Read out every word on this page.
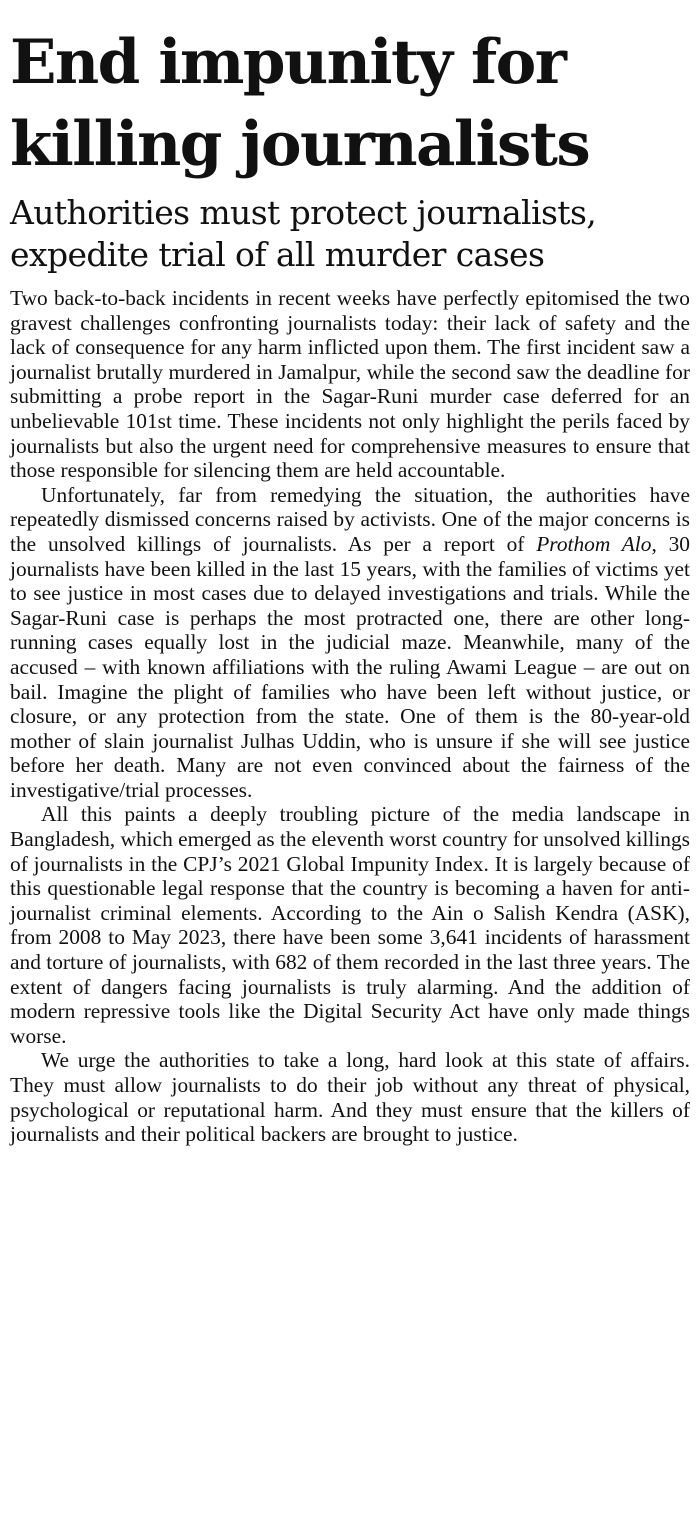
End impunity for killing journalists
Authorities must protect journalists, expedite trial of all murder cases

Two back-to-back incidents in recent weeks have perfectly epitomised the two gravest challenges confronting journalists today: their lack of safety and the lack of consequence for any harm inflicted upon them. The first incident saw a journalist brutally murdered in Jamalpur, while the second saw the deadline for submitting a probe report in the Sagar-Runi murder case deferred for an unbelievable 101st time. These incidents not only highlight the perils faced by journalists but also the urgent need for comprehensive measures to ensure that those responsible for silencing them are held accountable.

Unfortunately, far from remedying the situation, the authorities have repeatedly dismissed concerns raised by activists. One of the major concerns is the unsolved killings of journalists. As per a report of Prothom Alo, 30 journalists have been killed in the last 15 years, with the families of victims yet to see justice in most cases due to delayed investigations and trials. While the Sagar-Runi case is perhaps the most protracted one, there are other long-running cases equally lost in the judicial maze. Meanwhile, many of the accused – with known affiliations with the ruling Awami League – are out on bail. Imagine the plight of families who have been left without justice, or closure, or any protection from the state. One of them is the 80-year-old mother of slain journalist Julhas Uddin, who is unsure if she will see justice before her death. Many are not even convinced about the fairness of the investigative/trial processes.

All this paints a deeply troubling picture of the media landscape in Bangladesh, which emerged as the eleventh worst country for unsolved killings of journalists in the CPJ’s 2021 Global Impunity Index. It is largely because of this questionable legal response that the country is becoming a haven for anti-journalist criminal elements. According to the Ain o Salish Kendra (ASK), from 2008 to May 2023, there have been some 3,641 incidents of harassment and torture of journalists, with 682 of them recorded in the last three years. The extent of dangers facing journalists is truly alarming. And the addition of modern repressive tools like the Digital Security Act have only made things worse.

We urge the authorities to take a long, hard look at this state of affairs. They must allow journalists to do their job without any threat of physical, psychological or reputational harm. And they must ensure that the killers of journalists and their political backers are brought to justice.
